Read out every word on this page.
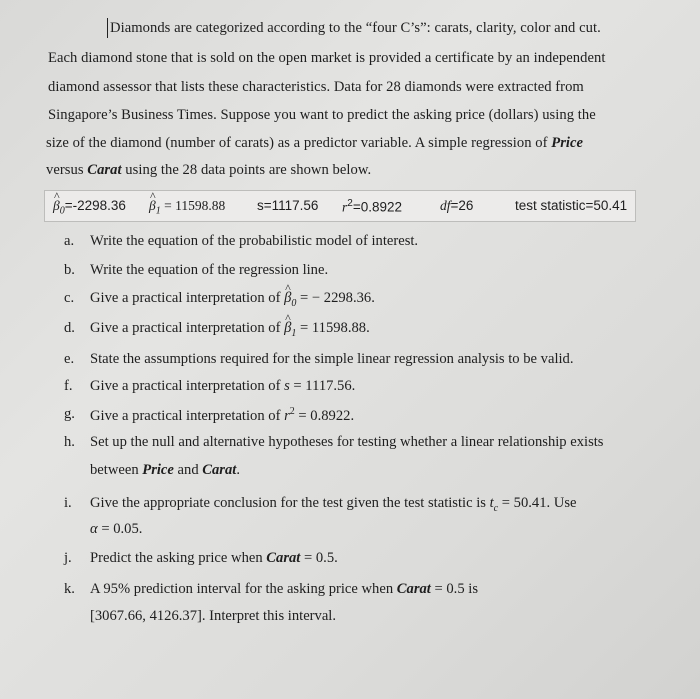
Diamonds are categorized according to the “four C’s”: carats, clarity, color and cut.
Each diamond stone that is sold on the open market is provided a certificate by an independent
diamond assessor that lists these characteristics. Data for 28 diamonds were extracted from
Singapore’s Business Times. Suppose you want to predict the asking price (dollars) using the
size of the diamond (number of carats) as a predictor variable. A simple regression of Price
versus Carat using the 28 data points are shown below.
^ $\beta_0=-2298.36$
^ $\beta_1 = 11598.88$ s=1117.56 $r^2=0.8922$	df=26	test statistic=50.41
a. Write the equation of the probabilistic model of interest.
b. Write the equation of the regression line.
c. Give a practical interpretation of ^ $\beta_0$ = − 2298.36.
d. Give a practical interpretation of ^ $\beta_1 = 11598.88$.
e. State the assumptions required for the simple linear regression analysis to be valid.
f. Give a practical interpretation of s = 1117.56.
g. Give a practical interpretation of $r^2 = 0.8922$.
h. Set up the null and alternative hypotheses for testing whether a linear relationship exists
between Price and Carat.
i. Give the appropriate conclusion for the test given the test statistic is $t_c = 50.41$. Use
α = 0.05.
j. Predict the asking price when Carat = 0.5.
k. A 95% prediction interval for the asking price when Carat = 0.5 is
[3067.66, 4126.37]. Interpret this interval.
